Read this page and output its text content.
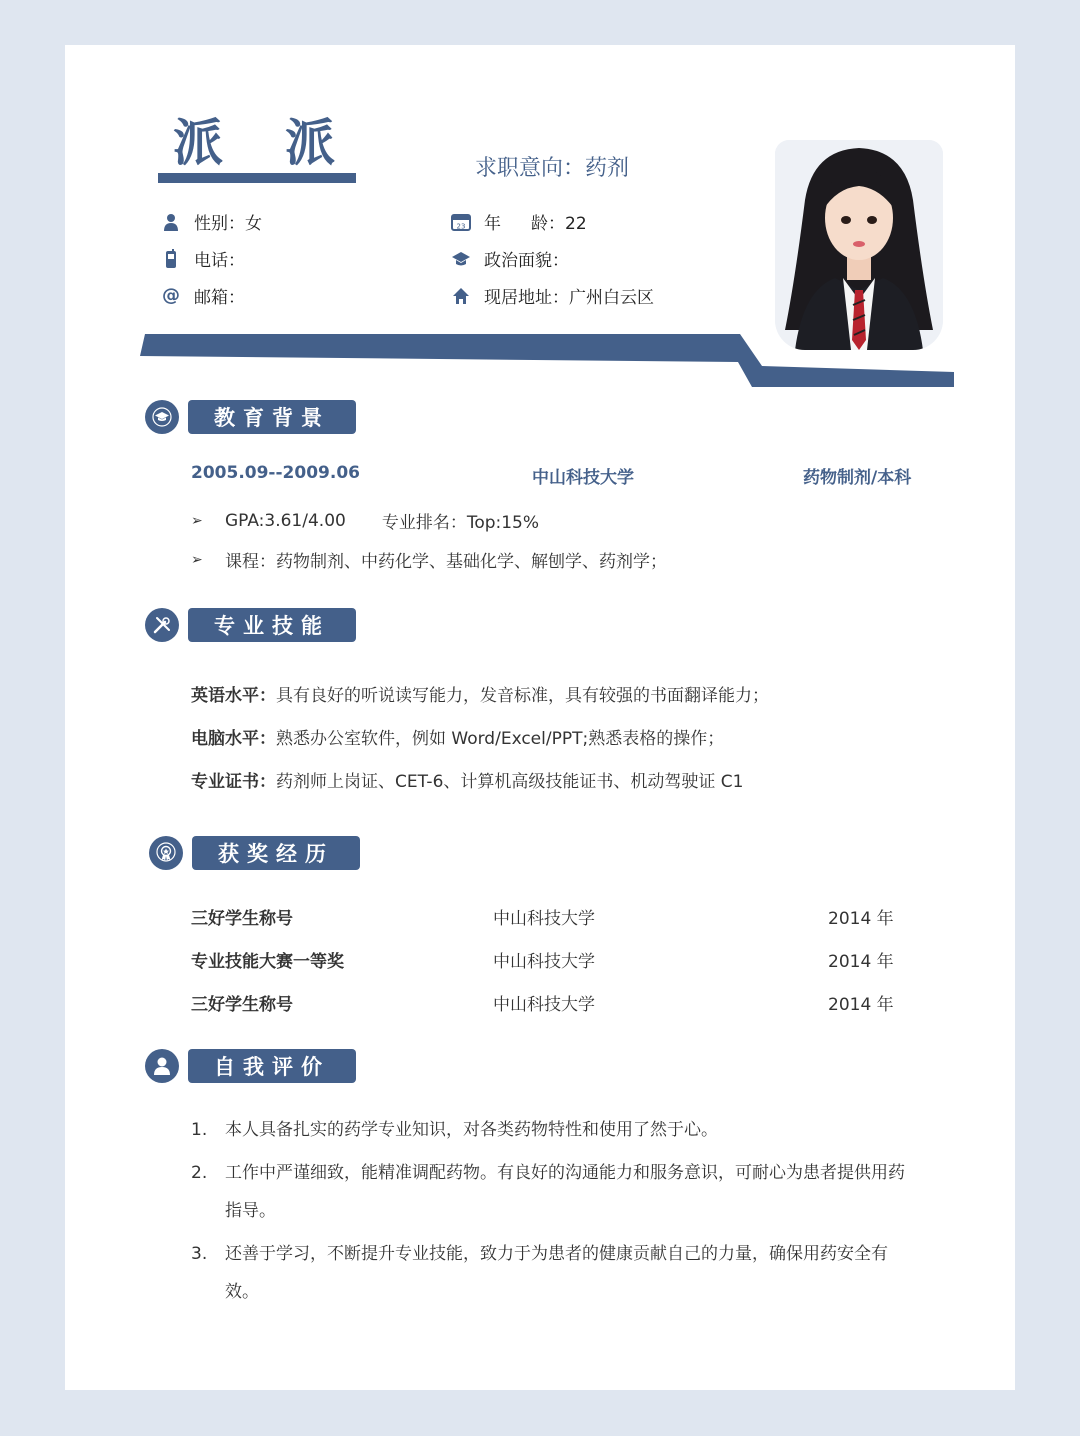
派 派	求职意向：药剂
性别：女
电话：
@ 邮箱：
23 年 龄：22
政治面貌：
现居地址：广州白云区
教育背景
2005.09--2009.06	中山科技大学	药物制剂/本科
➢	GPA:3.61/4.00 专业排名：Top:15%
➢	课程：药物制剂、中药化学、基础化学、解刨学、药剂学；
专业技能
英语水平：具有良好的听说读写能力，发音标准，具有较强的书面翻译能力；
电脑水平：熟悉办公室软件，例如 Word/Excel/PPT;熟悉表格的操作；
专业证书：药剂师上岗证、CET-6、计算机高级技能证书、机动驾驶证 C1
获奖经历
三好学生称号	中山科技大学	2014 年
专业技能大赛一等奖	中山科技大学	2014 年
三好学生称号	中山科技大学	2014 年
自我评价
1. 本人具备扎实的药学专业知识，对各类药物特性和使用了然于心。
2. 工作中严谨细致，能精准调配药物。有良好的沟通能力和服务意识，可耐心为患者提供用药指导。
3. 还善于学习，不断提升专业技能，致力于为患者的健康贡献自己的力量，确保用药安全有效。
